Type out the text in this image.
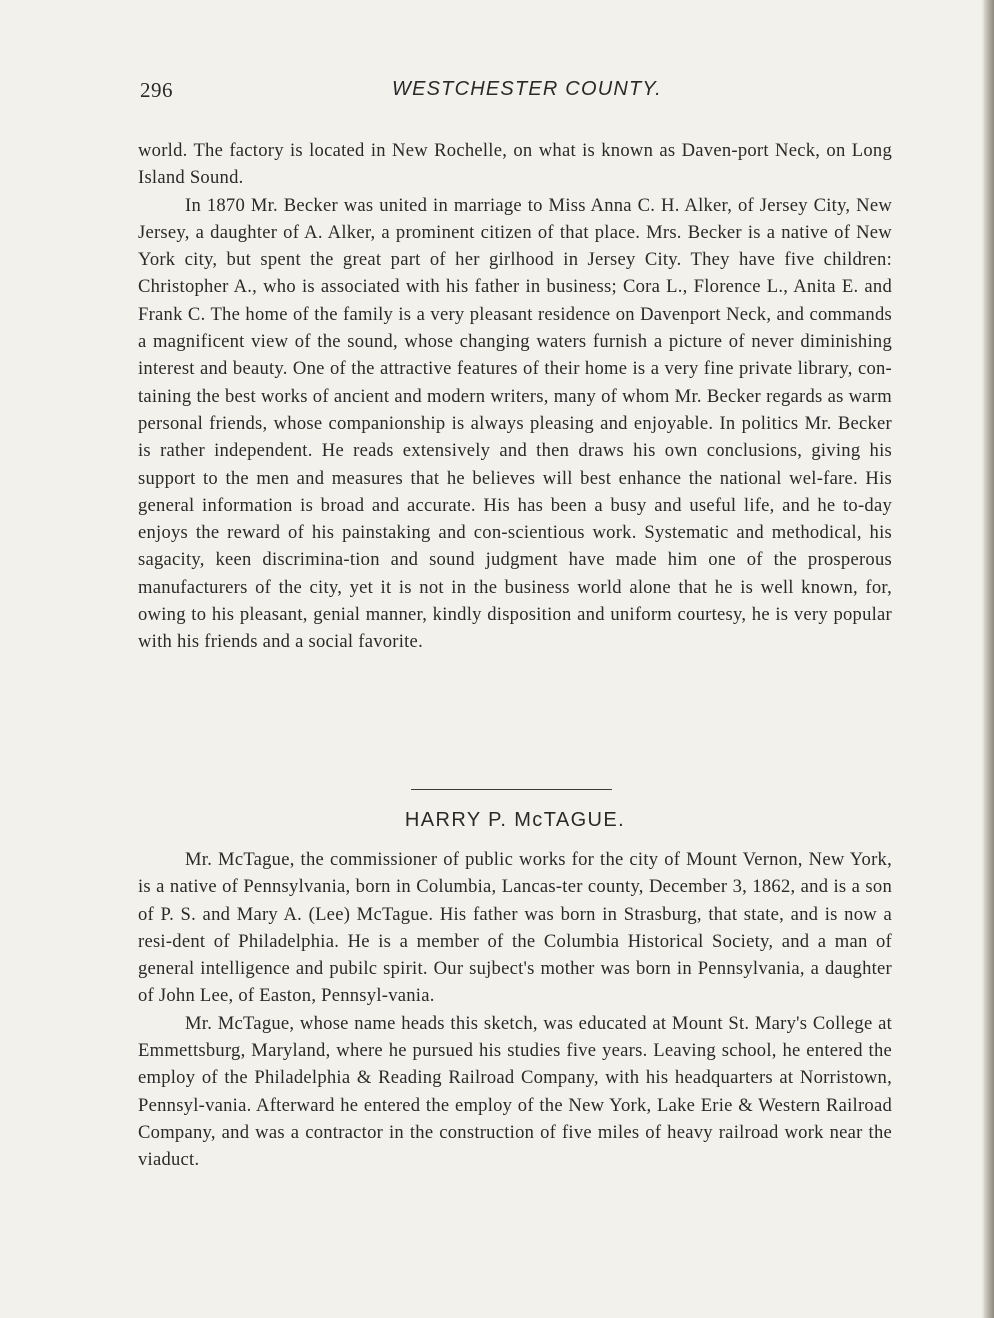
296	WESTCHESTER COUNTY.

world. The factory is located in New Rochelle, on what is known as Daven-port Neck, on Long Island Sound.

In 1870 Mr. Becker was united in marriage to Miss Anna C. H. Alker, of Jersey City, New Jersey, a daughter of A. Alker, a prominent citizen of that place. Mrs. Becker is a native of New York city, but spent the great part of her girlhood in Jersey City. They have five children: Christopher A., who is associated with his father in business; Cora L., Florence L., Anita E. and Frank C. The home of the family is a very pleasant residence on Davenport Neck, and commands a magnificent view of the sound, whose changing waters furnish a picture of never diminishing interest and beauty. One of the attractive features of their home is a very fine private library, con-taining the best works of ancient and modern writers, many of whom Mr. Becker regards as warm personal friends, whose companionship is always pleasing and enjoyable. In politics Mr. Becker is rather independent. He reads extensively and then draws his own conclusions, giving his support to the men and measures that he believes will best enhance the national wel-fare. His general information is broad and accurate. His has been a busy and useful life, and he to-day enjoys the reward of his painstaking and con-scientious work. Systematic and methodical, his sagacity, keen discrimina-tion and sound judgment have made him one of the prosperous manufacturers of the city, yet it is not in the business world alone that he is well known, for, owing to his pleasant, genial manner, kindly disposition and uniform courtesy, he is very popular with his friends and a social favorite.

HARRY P. McTAGUE.

Mr. McTague, the commissioner of public works for the city of Mount Vernon, New York, is a native of Pennsylvania, born in Columbia, Lancas-ter county, December 3, 1862, and is a son of P. S. and Mary A. (Lee) McTague. His father was born in Strasburg, that state, and is now a resi-dent of Philadelphia. He is a member of the Columbia Historical Society, and a man of general intelligence and pubilc spirit. Our sujbect's mother was born in Pennsylvania, a daughter of John Lee, of Easton, Pennsyl-vania.

Mr. McTague, whose name heads this sketch, was educated at Mount St. Mary's College at Emmettsburg, Maryland, where he pursued his studies five years. Leaving school, he entered the employ of the Philadelphia & Reading Railroad Company, with his headquarters at Norristown, Pennsyl-vania. Afterward he entered the employ of the New York, Lake Erie & Western Railroad Company, and was a contractor in the construction of five miles of heavy railroad work near the viaduct.
